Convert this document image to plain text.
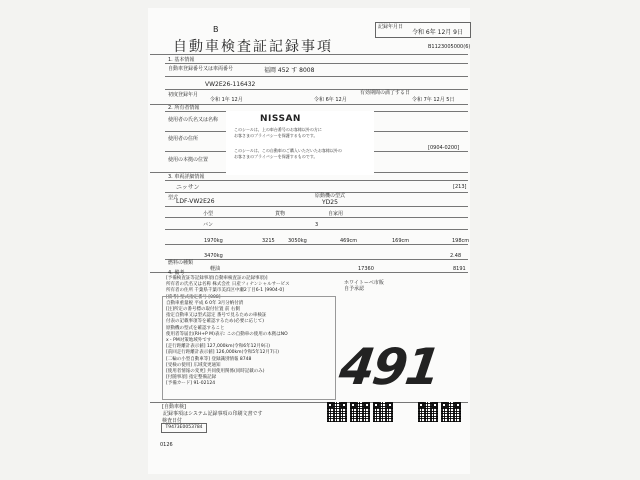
記録年月日
令和 6年 12月 9日
B1123005000(6)
B
自動車検査証記録事項
1. 基本情報
自動車登録番号又は車両番号	福岡 452 す 8008
VW2E26-116432
初度登録年月
令和 1年 12月	令和 6年 12月
有効期間の満了する日
令和 7年 12月 5日
2. 所有者情報
使用者の氏名又は名称
使用者の住所
使用の本拠の位置
[0904-0200]
NISSAN
このシールは、上の車台番号のお客様以外の方に
お客さまのプライバシーを保護するものです。
このシールは、この自動車のご購入いただいたお客様以外の
お客さまのプライバシーを保護するものです。
3. 車両詳細情報
ニッサン	[213]
型式
LDF-VW2E26
原動機の型式
YD25
小型	貨物	自家用
バン	3
1970kg	3215	3050kg	469cm	169cm	198cm
3470kg	2.48
燃料の種類
軽油	17360	8191
4. 備考
[予備検査証等記録事項(自動車検査証の記録事項)]
所有者の氏名又は名称 株式会社 日産フィナンシャルサービス
所有者の住所 千葉県千葉市美浜区中瀬2丁目6-1 [9904-0]
[備考] 型式指定番号 [008]
自動車重量税 平成 6 0年 3月分納付済
[注]所定の番号標の取付位置 前 右側
指定自動車又は型式認定 番号で見るための車検証
付表の記載事項等を確認するため(必要に応じて)
原動機の型式を確認すること
使用者等届出(RH+P M)表示: この自動車の使用の本拠はNO
x・PM対策地域外です
[走行距離計表示値] 127,000km(令和6年12月9日)
[前回走行距離計表示値] 126,000km(令和5年12月7日)
[二輪の小型自動車等] 登録識別情報 8748
[受検の使用] 広域変更通知
[使用者情報の変更] 共同使用関係(同時記載のみ)
[付随事項] 指定整備記録
[予備カード] 91-02124
ホワイトーベ市販
自予承認
491
[自動車検]
記録事項はシステム記録事項の印刷文書です
検査日付
T9473E0053784
0126
